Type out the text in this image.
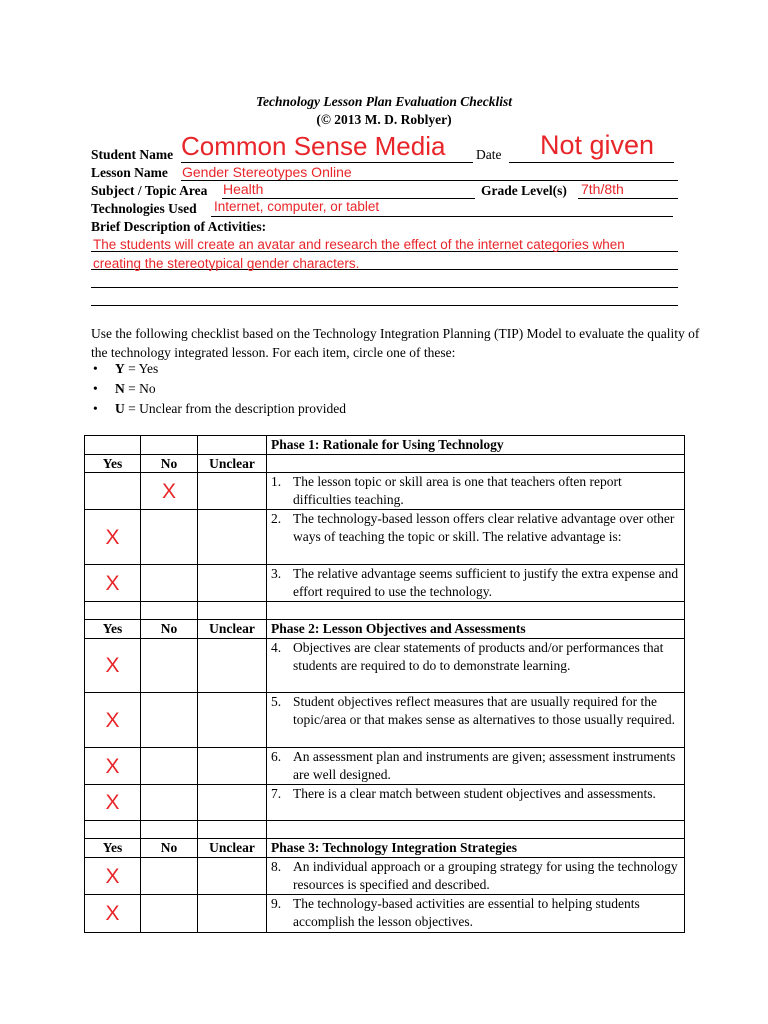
Technology Lesson Plan Evaluation Checklist
(© 2013 M. D. Roblyer)
Student Name Common Sense Media Date Not given
Lesson Name Gender Stereotypes Online
Subject / Topic Area Health	Grade Level(s) 7th/8th
Technologies Used Internet, computer, or tablet
Brief Description of Activities:
The students will create an avatar and research the effect of the internet categories when
creating the stereotypical gender characters.
Use the following checklist based on the Technology Integration Planning (TIP) Model to evaluate the quality of the technology integrated lesson. For each item, circle one of these:
• Y = Yes
• N = No
• U = Unclear from the description provided
			Phase 1: Rationale for Using Technology
Yes	No	Unclear	
	X		1. The lesson topic or skill area is one that teachers often report difficulties teaching.

X			2. The technology-based lesson offers clear relative advantage over other ways of teaching the topic or skill. The relative advantage is:

X			3. The relative advantage seems sufficient to justify the extra expense and effort required to use the technology.

Yes	No	Unclear	Phase 2: Lesson Objectives and Assessments
X			4. Objectives are clear statements of products and/or performances that students are required to do to demonstrate learning.

X			5. Student objectives reflect measures that are usually required for the topic/area or that makes sense as alternatives to those usually required.

X			6. An assessment plan and instruments are given; assessment instruments are well designed.

X			7. There is a clear match between student objectives and assessments.

Yes	No	Unclear	Phase 3: Technology Integration Strategies
X			8. An individual approach or a grouping strategy for using the technology resources is specified and described.

X			9. The technology-based activities are essential to helping students accomplish the lesson objectives.
